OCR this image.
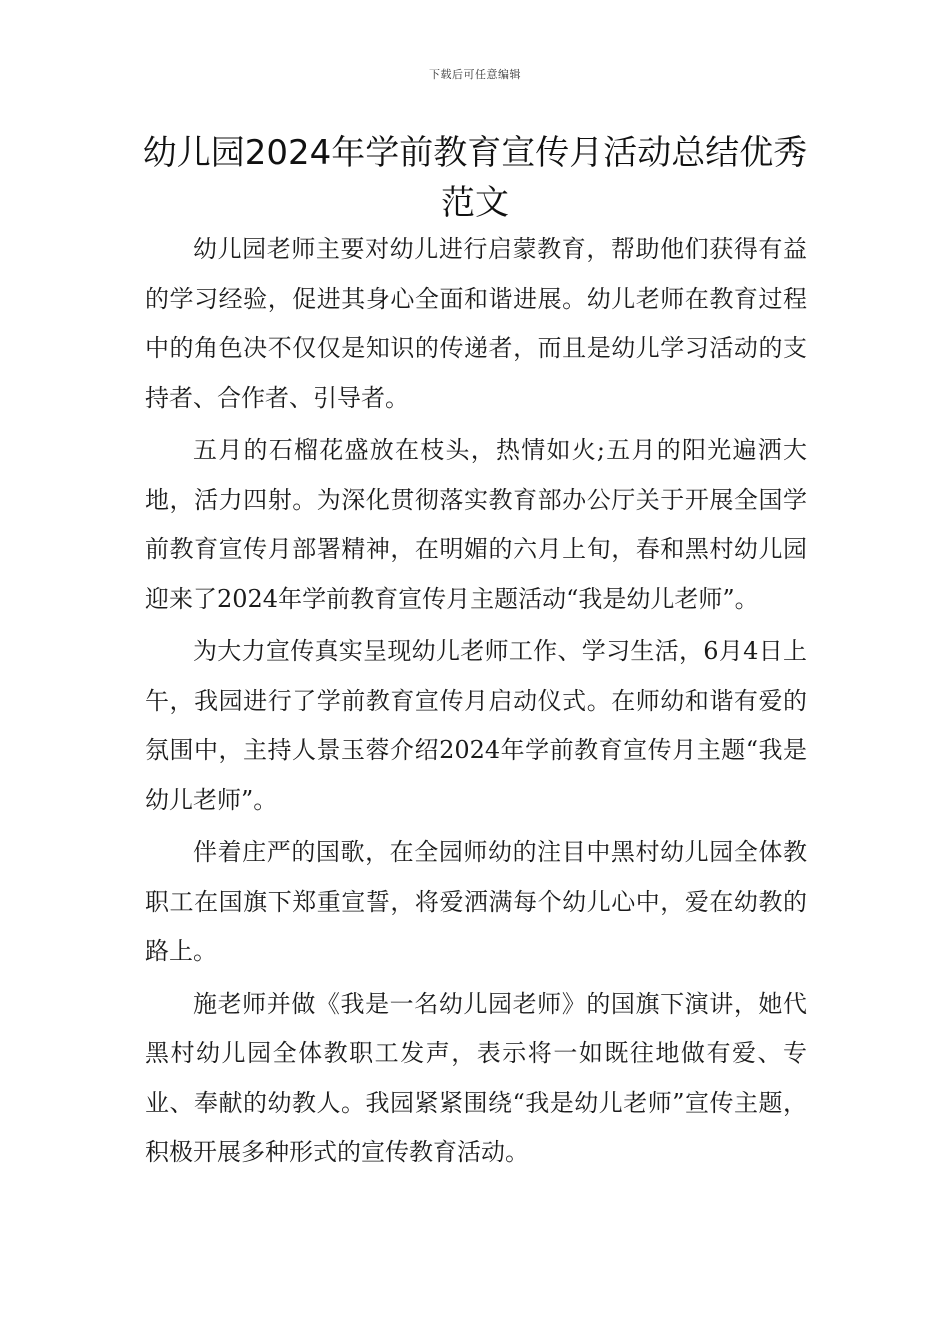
下载后可任意编辑
幼儿园2024年学前教育宣传月活动总结优秀范文

幼儿园老师主要对幼儿进行启蒙教育，帮助他们获得有益的学习经验，促进其身心全面和谐进展。幼儿老师在教育过程中的角色决不仅仅是知识的传递者，而且是幼儿学习活动的支持者、合作者、引导者。

五月的石榴花盛放在枝头，热情如火;五月的阳光遍洒大地，活力四射。为深化贯彻落实教育部办公厅关于开展全国学前教育宣传月部署精神，在明媚的六月上旬，春和黑村幼儿园迎来了2024年学前教育宣传月主题活动“我是幼儿老师”。

为大力宣传真实呈现幼儿老师工作、学习生活，6月4日上午，我园进行了学前教育宣传月启动仪式。在师幼和谐有爱的氛围中，主持人景玉蓉介绍2024年学前教育宣传月主题“我是幼儿老师”。

伴着庄严的国歌，在全园师幼的注目中黑村幼儿园全体教职工在国旗下郑重宣誓，将爱洒满每个幼儿心中，爱在幼教的路上。

施老师并做《我是一名幼儿园老师》的国旗下演讲，她代黑村幼儿园全体教职工发声，表示将一如既往地做有爱、专业、奉献的幼教人。我园紧紧围绕“我是幼儿老师”宣传主题，积极开展多种形式的宣传教育活动。
